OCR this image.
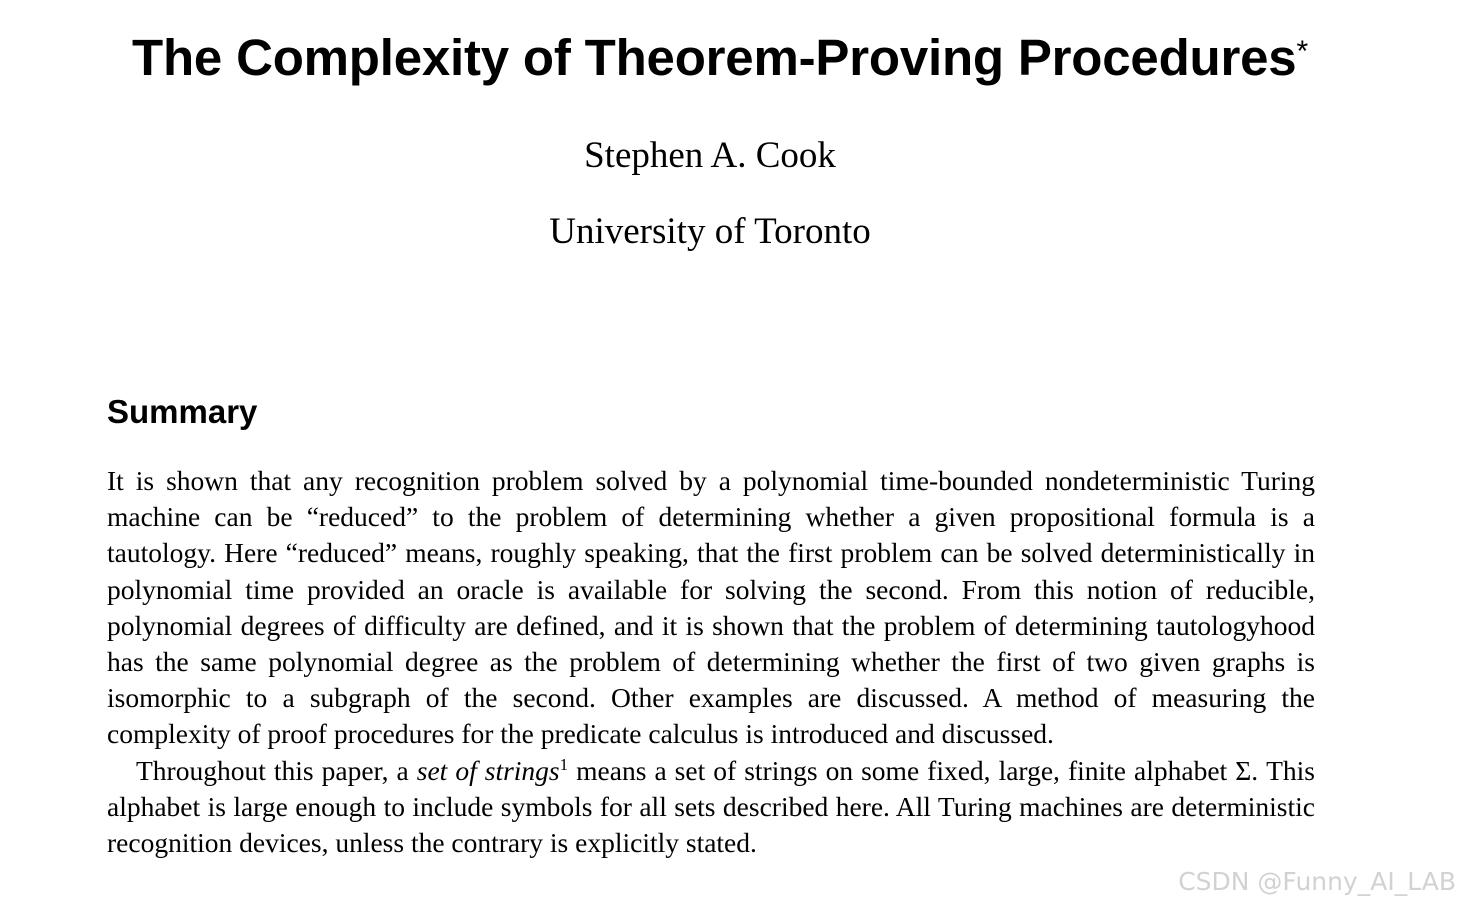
The Complexity of Theorem-Proving Procedures*
Stephen A. Cook
University of Toronto
Summary

It is shown that any recognition problem solved by a polynomial time-bounded nondeterministic Turing machine can be “reduced” to the problem of determining whether a given propositional formula is a tautology. Here “reduced” means, roughly speaking, that the first problem can be solved deterministically in polynomial time provided an oracle is available for solving the second. From this notion of reducible, polynomial degrees of difficulty are defined, and it is shown that the problem of determining tautologyhood has the same polynomial degree as the problem of determining whether the first of two given graphs is isomorphic to a subgraph of the second. Other examples are discussed. A method of measuring the complexity of proof procedures for the predicate calculus is introduced and discussed.

Throughout this paper, a set of strings$^1$ means a set of strings on some fixed, large, finite alphabet Σ. This alphabet is large enough to include symbols for all sets described here. All Turing machines are deterministic recognition devices, unless the contrary is explicitly stated.

CSDN @Funny_AI_LAB
